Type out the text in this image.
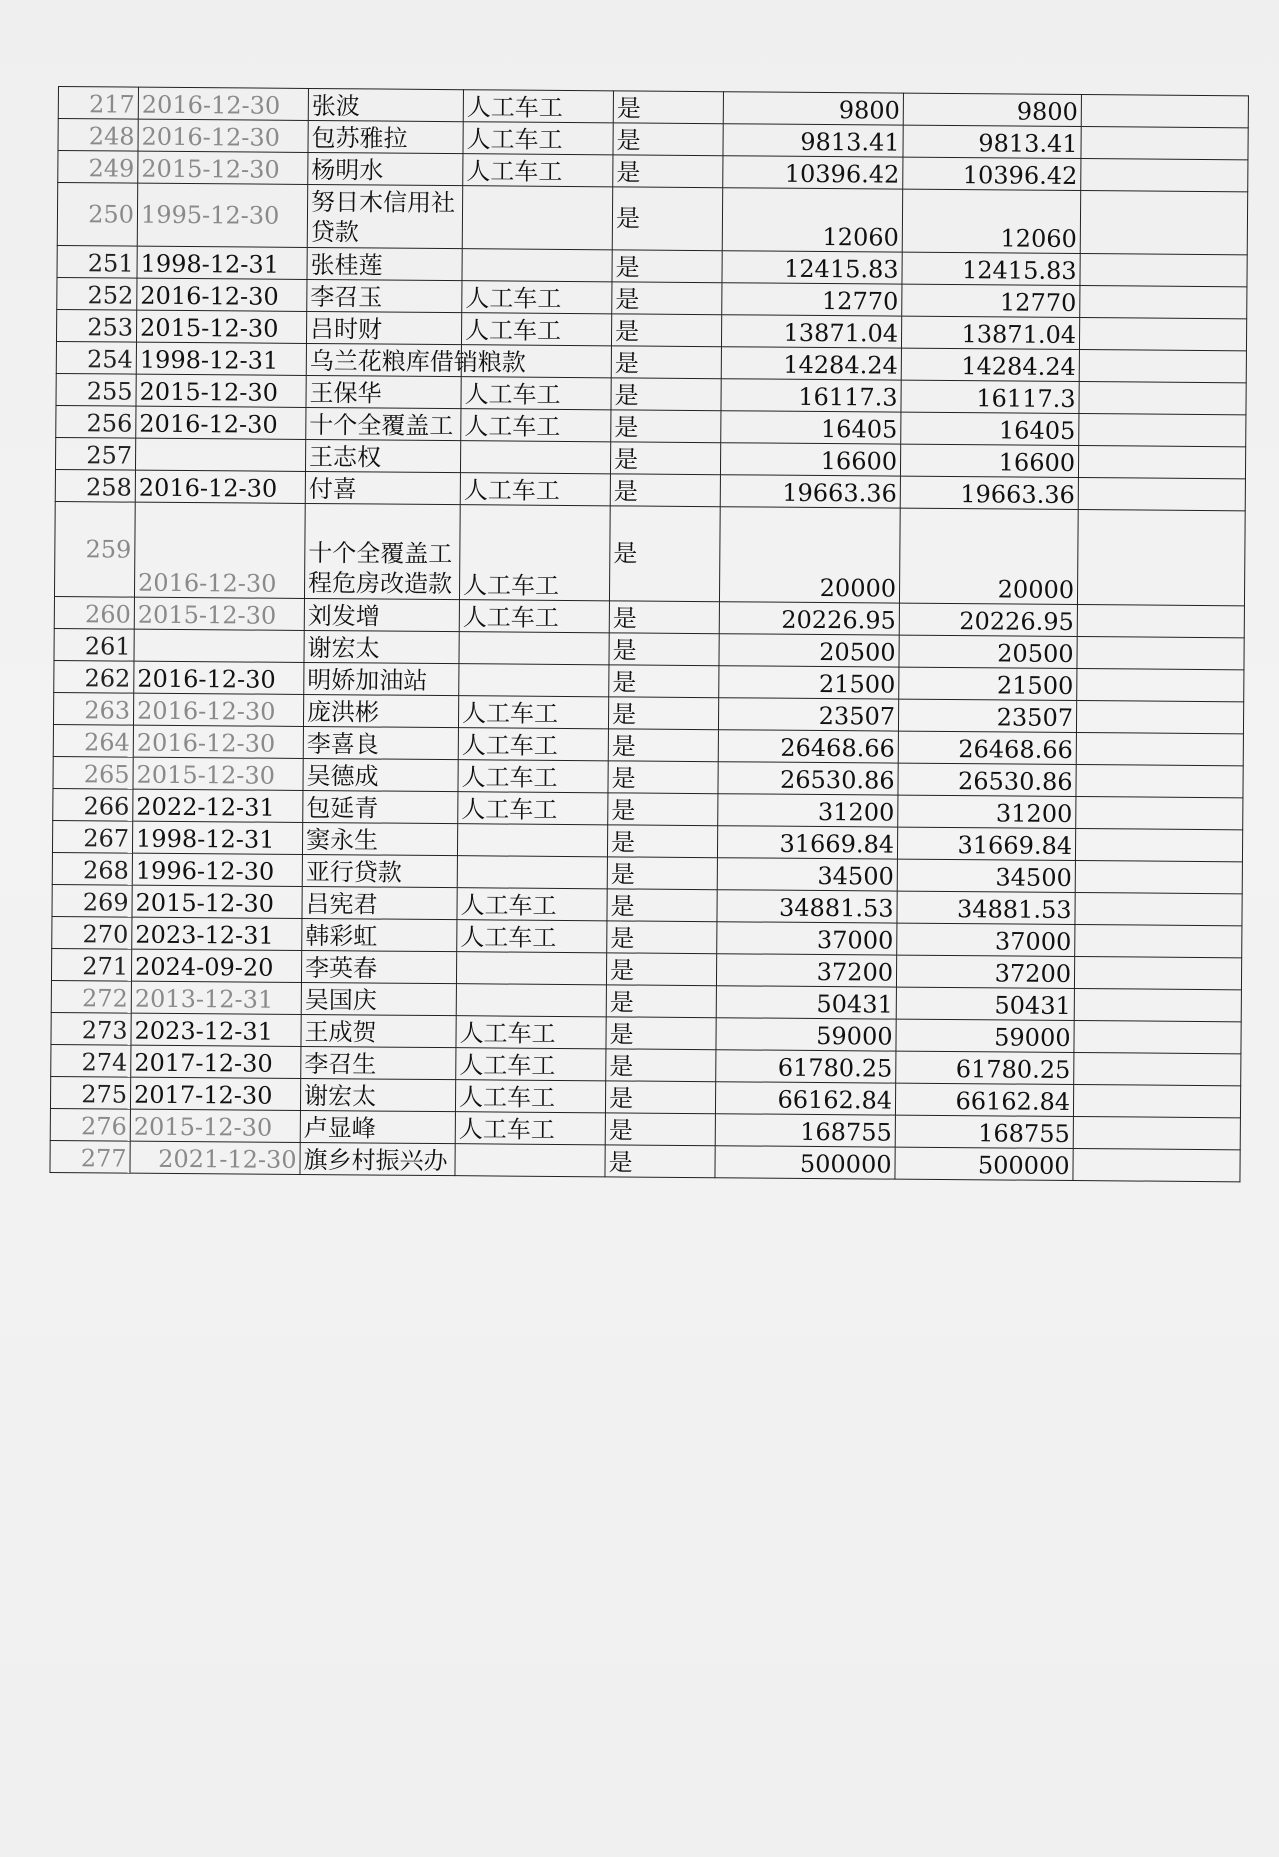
217	2016-12-30	张波	人工车工	是	9800	9800	
248	2016-12-30	包苏雅拉	人工车工	是	9813.41	9813.41	
249	2015-12-30	杨明水	人工车工	是	10396.42	10396.42	
250	1995-12-30	努日木信用社贷款		是	12060	12060	
251	1998-12-31	张桂莲		是	12415.83	12415.83	
252	2016-12-30	李召玉	人工车工	是	12770	12770	
253	2015-12-30	吕时财	人工车工	是	13871.04	13871.04	
254	1998-12-31	乌兰花粮库借销粮款		是	14284.24	14284.24	
255	2015-12-30	王保华	人工车工	是	16117.3	16117.3	
256	2016-12-30	十个全覆盖工	人工车工	是	16405	16405	
257		王志权		是	16600	16600	
258	2016-12-30	付喜	人工车工	是	19663.36	19663.36	
259	2016-12-30	十个全覆盖工程危房改造款	人工车工	是	20000	20000	
260	2015-12-30	刘发增	人工车工	是	20226.95	20226.95	
261		谢宏太		是	20500	20500	
262	2016-12-30	明娇加油站		是	21500	21500	
263	2016-12-30	庞洪彬	人工车工	是	23507	23507	
264	2016-12-30	李喜良	人工车工	是	26468.66	26468.66	
265	2015-12-30	吴德成	人工车工	是	26530.86	26530.86	
266	2022-12-31	包延青	人工车工	是	31200	31200	
267	1998-12-31	窦永生		是	31669.84	31669.84	
268	1996-12-30	亚行贷款		是	34500	34500	
269	2015-12-30	吕宪君	人工车工	是	34881.53	34881.53	
270	2023-12-31	韩彩虹	人工车工	是	37000	37000	
271	2024-09-20	李英春		是	37200	37200	
272	2013-12-31	吴国庆		是	50431	50431	
273	2023-12-31	王成贺	人工车工	是	59000	59000	
274	2017-12-30	李召生	人工车工	是	61780.25	61780.25	
275	2017-12-30	谢宏太	人工车工	是	66162.84	66162.84	
276	2015-12-30	卢显峰	人工车工	是	168755	168755	
277	2021-12-30	旗乡村振兴办		是	500000	500000	
